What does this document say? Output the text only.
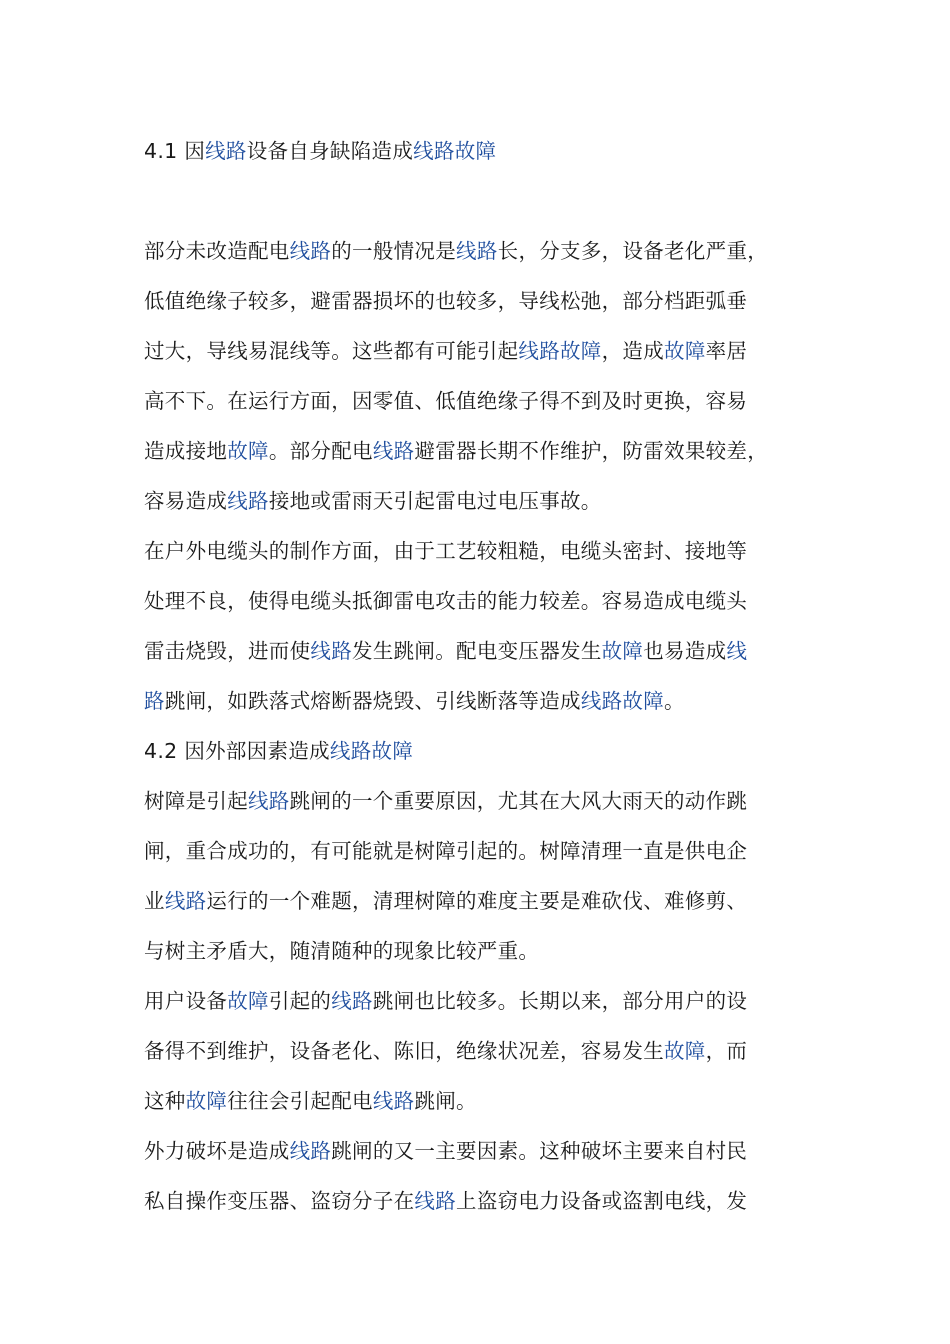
4.1 因线路设备自身缺陷造成线路故障
部分未改造配电线路的一般情况是线路长，分支多，设备老化严重，
低值绝缘子较多，避雷器损坏的也较多，导线松弛，部分档距弧垂
过大，导线易混线等。这些都有可能引起线路故障，造成故障率居
高不下。在运行方面，因零值、低值绝缘子得不到及时更换，容易
造成接地故障。部分配电线路避雷器长期不作维护，防雷效果较差，
容易造成线路接地或雷雨天引起雷电过电压事故。
在户外电缆头的制作方面，由于工艺较粗糙，电缆头密封、接地等
处理不良，使得电缆头抵御雷电攻击的能力较差。容易造成电缆头
雷击烧毁，进而使线路发生跳闸。配电变压器发生故障也易造成线
路跳闸，如跌落式熔断器烧毁、引线断落等造成线路故障。
4.2 因外部因素造成线路故障
树障是引起线路跳闸的一个重要原因，尤其在大风大雨天的动作跳
闸，重合成功的，有可能就是树障引起的。树障清理一直是供电企
业线路运行的一个难题，清理树障的难度主要是难砍伐、难修剪、
与树主矛盾大，随清随种的现象比较严重。
用户设备故障引起的线路跳闸也比较多。长期以来，部分用户的设
备得不到维护，设备老化、陈旧，绝缘状况差，容易发生故障，而
这种故障往往会引起配电线路跳闸。
外力破坏是造成线路跳闸的又一主要因素。这种破坏主要来自村民
私自操作变压器、盗窃分子在线路上盗窃电力设备或盗割电线，发
